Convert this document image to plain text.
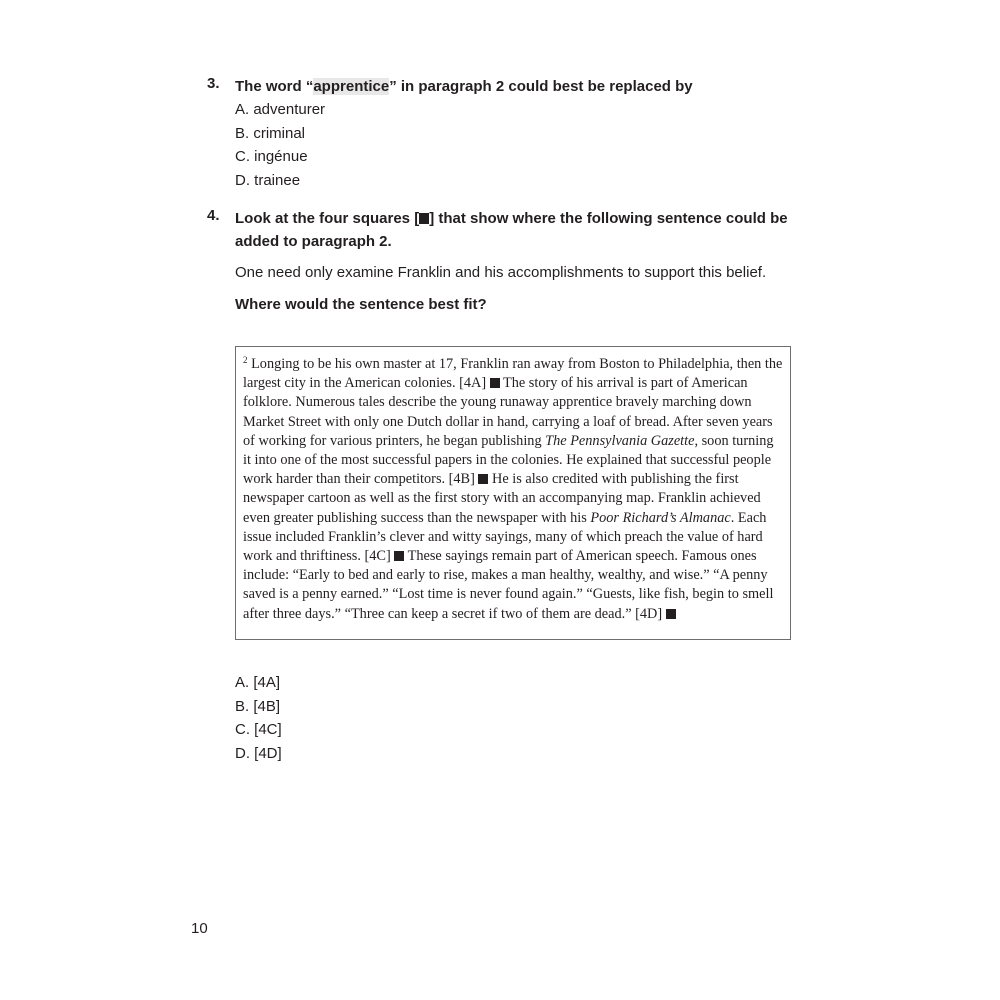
3. The word “apprentice” in paragraph 2 could best be replaced by

A. adventurer

B. criminal

C. ingénue

D. trainee

4. Look at the four squares [ ] that show where the following sentence could be added to paragraph 2.

One need only examine Franklin and his accomplishments to support this belief.

Where would the sentence best fit?

$^2$ Longing to be his own master at 17, Franklin ran away from Boston to Philadelphia, then the largest city in the American colonies. [4A]  The story of his arrival is part of American folklore. Numerous tales describe the young runaway apprentice bravely marching down Market Street with only one Dutch dollar in hand, carrying a loaf of bread. After seven years of working for various printers, he began publishing The Pennsylvania Gazette, soon turning it into one of the most successful papers in the colonies. He explained that successful people work harder than their competitors. [4B]  He is also credited with publishing the first newspaper cartoon as well as the first story with an accompanying map. Franklin achieved even greater publishing success than the newspaper with his Poor Richard’s Almanac. Each issue included Franklin’s clever and witty sayings, many of which preach the value of hard work and thriftiness. [4C]  These sayings remain part of American speech. Famous ones include: “Early to bed and early to rise, makes a man healthy, wealthy, and wise.” “A penny saved is a penny earned.” “Lost time is never found again.” “Guests, like fish, begin to smell after three days.” “Three can keep a secret if two of them are dead.” [4D]

A. [4A]

B. [4B]

C. [4C]

D. [4D]

10
